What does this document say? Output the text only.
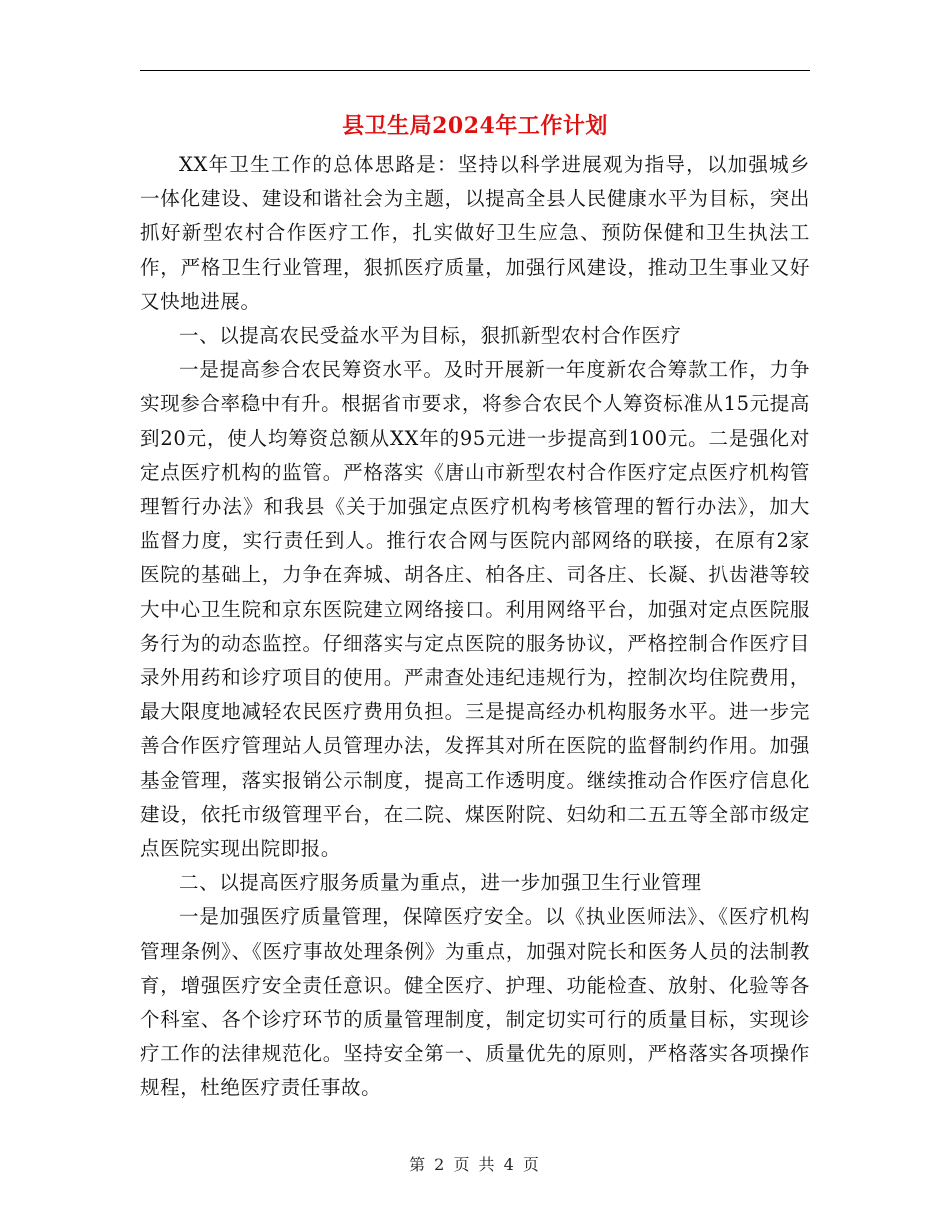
县卫生局2024年工作计划

XX年卫生工作的总体思路是：坚持以科学进展观为指导，以加强城乡一体化建设、建设和谐社会为主题，以提高全县人民健康水平为目标，突出抓好新型农村合作医疗工作，扎实做好卫生应急、预防保健和卫生执法工作，严格卫生行业管理，狠抓医疗质量，加强行风建设，推动卫生事业又好又快地进展。

一、以提高农民受益水平为目标，狠抓新型农村合作医疗

一是提高参合农民筹资水平。及时开展新一年度新农合筹款工作，力争实现参合率稳中有升。根据省市要求，将参合农民个人筹资标准从15元提高到20元，使人均筹资总额从XX年的95元进一步提高到100元。二是强化对定点医疗机构的监管。严格落实《唐山市新型农村合作医疗定点医疗机构管理暂行办法》和我县《关于加强定点医疗机构考核管理的暂行办法》，加大监督力度，实行责任到人。推行农合网与医院内部网络的联接，在原有2家医院的基础上，力争在奔城、胡各庄、柏各庄、司各庄、长凝、扒齿港等较大中心卫生院和京东医院建立网络接口。利用网络平台，加强对定点医院服务行为的动态监控。仔细落实与定点医院的服务协议，严格控制合作医疗目录外用药和诊疗项目的使用。严肃查处违纪违规行为，控制次均住院费用，最大限度地减轻农民医疗费用负担。三是提高经办机构服务水平。进一步完善合作医疗管理站人员管理办法，发挥其对所在医院的监督制约作用。加强基金管理，落实报销公示制度，提高工作透明度。继续推动合作医疗信息化建设，依托市级管理平台，在二院、煤医附院、妇幼和二五五等全部市级定点医院实现出院即报。

二、以提高医疗服务质量为重点，进一步加强卫生行业管理

一是加强医疗质量管理，保障医疗安全。以《执业医师法》、《医疗机构管理条例》、《医疗事故处理条例》为重点，加强对院长和医务人员的法制教育，增强医疗安全责任意识。健全医疗、护理、功能检查、放射、化验等各个科室、各个诊疗环节的质量管理制度，制定切实可行的质量目标，实现诊疗工作的法律规范化。坚持安全第一、质量优先的原则，严格落实各项操作规程，杜绝医疗责任事故。

第 2 页 共 4 页
